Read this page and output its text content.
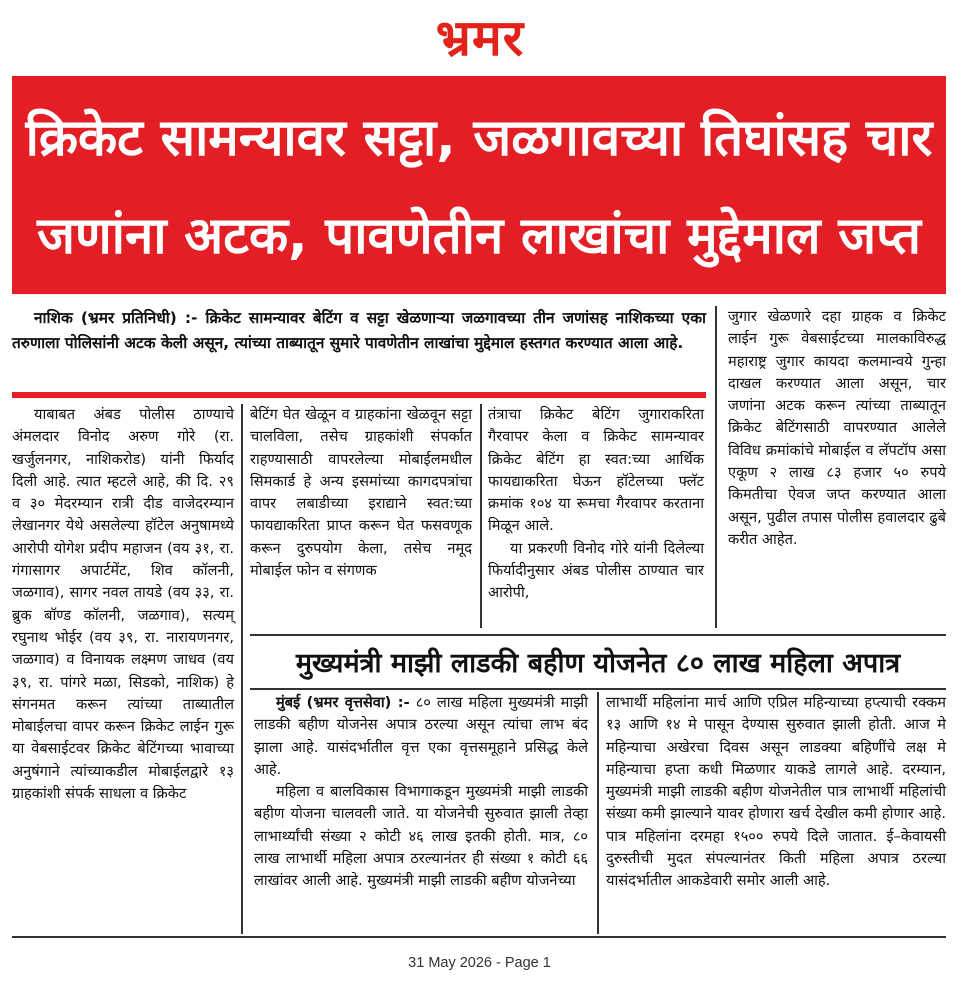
भ्रमर
क्रिकेट सामन्यावर सट्टा, जळगावच्या तिघांसह चार जणांना अटक, पावणेतीन लाखांचा मुद्देमाल जप्त
नाशिक (भ्रमर प्रतिनिधी) :- क्रिकेट सामन्यावर बेटिंग व सट्टा खेळणाऱ्या जळगावच्या तीन जणांसह नाशिकच्या एका तरुणाला पोलिसांनी अटक केली असून, त्यांच्या ताब्यातून सुमारे पावणेतीन लाखांचा मुद्देमाल हस्तगत करण्यात आला आहे.

याबाबत अंबड पोलीस ठाण्याचे अंमलदार विनोद अरुण गोरे (रा. खर्जुलनगर, नाशिकरोड) यांनी फिर्याद दिली आहे. त्यात म्हटले आहे, की दि. २९ व ३० मेदरम्यान रात्री दीड वाजेदरम्यान लेखानगर येथे असलेल्या हॉटेल अनुषामध्ये आरोपी योगेश प्रदीप महाजन (वय ३१, रा. गंगासागर अपार्टमेंट, शिव कॉलनी, जळगाव), सागर नवल तायडे (वय ३३, रा. ब्रुक बॉण्ड कॉलनी, जळगाव), सत्यम् रघुनाथ भोईर (वय ३९, रा. नारायणनगर, जळगाव) व विनायक लक्ष्मण जाधव (वय ३९, रा. पांगरे मळा, सिडको, नाशिक) हे संगनमत करून त्यांच्या ताब्यातील मोबाईलचा वापर करून क्रिकेट लाईन गुरू या वेबसाईटवर क्रिकेट बेटिंगच्या भावाच्या अनुषंगाने त्यांच्याकडील मोबाईलद्वारे १३ ग्राहकांशी संपर्क साधला व क्रिकेट

बेटिंग घेत खेळून व ग्राहकांना खेळवून सट्टा चालविला, तसेच ग्राहकांशी संपर्कात राहण्यासाठी वापरलेल्या मोबाईलमधील सिमकार्ड हे अन्य इसमांच्या कागदपत्रांचा वापर लबाडीच्या इराद्याने स्वत:च्या फायद्याकरिता प्राप्त करून घेत फसवणूक करून दुरुपयोग केला, तसेच नमूद मोबाईल फोन व संगणक

तंत्राचा क्रिकेट बेटिंग जुगाराकरिता गैरवापर केला व क्रिकेट सामन्यावर क्रिकेट बेटिंग हा स्वत:च्या आर्थिक फायद्याकरिता घेऊन हॉटेलच्या फ्लॅट क्रमांक १०४ या रूमचा गैरवापर करताना मिळून आले.

या प्रकरणी विनोद गोरे यांनी दिलेल्या फिर्यादीनुसार अंबड पोलीस ठाण्यात चार आरोपी,

जुगार खेळणारे दहा ग्राहक व क्रिकेट लाईन गुरू वेबसाईटच्या मालकाविरुद्ध महाराष्ट्र जुगार कायदा कलमान्वये गुन्हा दाखल करण्यात आला असून, चार जणांना अटक करून त्यांच्या ताब्यातून क्रिकेट बेटिंगसाठी वापरण्यात आलेले विविध क्रमांकांचे मोबाईल व लॅपटॉप असा एकूण २ लाख ८३ हजार ५० रुपये किमतीचा ऐवज जप्त करण्यात आला असून, पुढील तपास पोलीस हवालदार ढुबे करीत आहेत.

मुख्यमंत्री माझी लाडकी बहीण योजनेत ८० लाख महिला अपात्र

मुंबई (भ्रमर वृत्तसेवा) :- ८० लाख महिला मुख्यमंत्री माझी लाडकी बहीण योजनेस अपात्र ठरल्या असून त्यांचा लाभ बंद झाला आहे. यासंदर्भातील वृत्त एका वृत्तसमूहाने प्रसिद्ध केले आहे.

महिला व बालविकास विभागाकडून मुख्यमंत्री माझी लाडकी बहीण योजना चालवली जाते. या योजनेची सुरुवात झाली तेव्हा लाभार्थ्यांची संख्या २ कोटी ४६ लाख इतकी होती. मात्र, ८० लाख लाभार्थी महिला अपात्र ठरल्यानंतर ही संख्या १ कोटी ६६ लाखांवर आली आहे. मुख्यमंत्री माझी लाडकी बहीण योजनेच्या

लाभार्थी महिलांना मार्च आणि एप्रिल महिन्याच्या हप्त्याची रक्कम १३ आणि १४ मे पासून देण्यास सुरुवात झाली होती. आज मे महिन्याचा अखेरचा दिवस असून लाडक्या बहिणींचे लक्ष मे महिन्याचा हप्ता कधी मिळणार याकडे लागले आहे. दरम्यान, मुख्यमंत्री माझी लाडकी बहीण योजनेतील पात्र लाभार्थी महिलांची संख्या कमी झाल्याने यावर होणारा खर्च देखील कमी होणार आहे. पात्र महिलांना दरमहा १५०० रुपये दिले जातात. ई–केवायसी दुरुस्तीची मुदत संपल्यानंतर किती महिला अपात्र ठरल्या यासंदर्भातील आकडेवारी समोर आली आहे.

31 May 2026 - Page 1
